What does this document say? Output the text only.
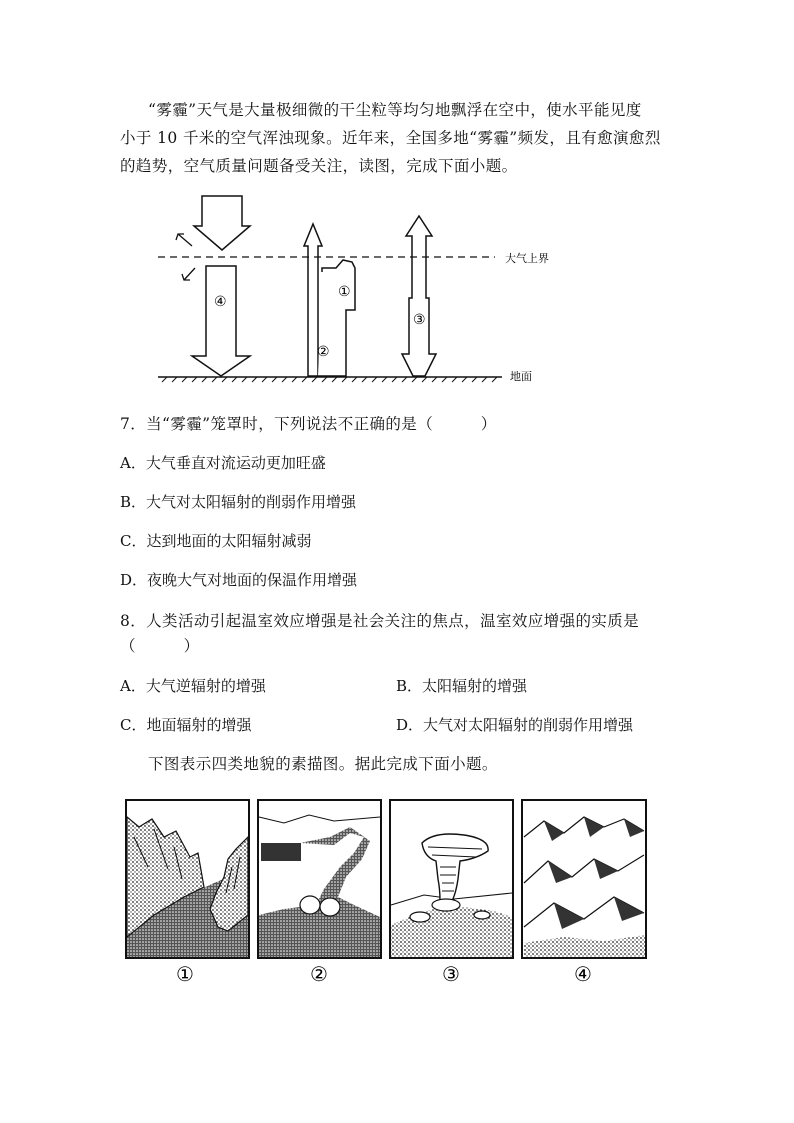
“雾霾”天气是大量极细微的干尘粒等均匀地飘浮在空中，使水平能见度
小于 10 千米的空气浑浊现象。近年来，全国多地“雾霾”频发，且有愈演愈烈
的趋势，空气质量问题备受关注，读图，完成下面小题。
大气上界
地面
①
②
③
④
7．当“雾霾”笼罩时，下列说法不正确的是（　　　）
A．大气垂直对流运动更加旺盛
B．大气对太阳辐射的削弱作用增强
C．达到地面的太阳辐射减弱
D．夜晚大气对地面的保温作用增强
8．人类活动引起温室效应增强是社会关注的焦点，温室效应增强的实质是
（　　　）
A．大气逆辐射的增强	B．太阳辐射的增强
C．地面辐射的增强	D．大气对太阳辐射的削弱作用增强
下图表示四类地貌的素描图。据此完成下面小题。
①	②	③	④
